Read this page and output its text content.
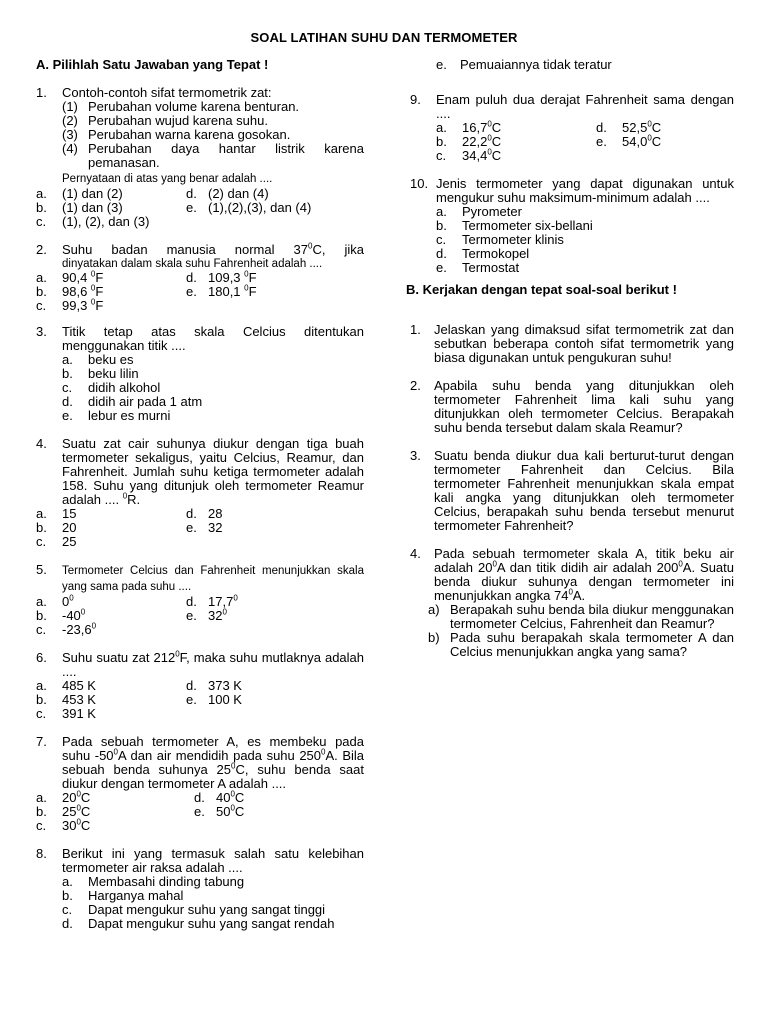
SOAL LATIHAN SUHU DAN TERMOMETER
A. Pilihlah Satu Jawaban yang Tepat !
1. Contoh-contoh sifat termometrik zat:
(1) Perubahan volume karena benturan.
(2) Perubahan wujud karena suhu.
(3) Perubahan warna karena gosokan.
(4) Perubahan daya hantar listrik karena pemanasan.
Pernyataan di atas yang benar adalah ....
a. (1) dan (2)	d. (2) dan (4)
b. (1) dan (3)	e. (1),(2),(3), dan (4)
c. (1), (2), dan (3)
2. Suhu badan manusia normal $37^0C$, jika
dinyatakan dalam skala suhu Fahrenheit adalah ....
a. 90,4 $^0$F	d. 109,3 $^0$F
b. 98,6 $^0$F	e. 180,1 $^0$F
c. 99,3 $^0$F
3. Titik tetap atas skala Celcius ditentukan menggunakan titik ....
a. beku es
b. beku lilin
c. didih alkohol
d. didih air pada 1 atm
e. lebur es murni
4. Suatu zat cair suhunya diukur dengan tiga buah termometer sekaligus, yaitu Celcius, Reamur, dan Fahrenheit. Jumlah suhu ketiga termometer adalah 158. Suhu yang ditunjuk oleh termometer Reamur adalah .... $^0$R.
a. 15	d. 28
b. 20	e. 32
c. 25
5. Termometer Celcius dan Fahrenheit menunjukkan skala yang sama pada suhu ....
a. $0^0$	d. 17,7$^0$
b. $-40^0$	e. $32^0$
c. -23,6$^0$
6. Suhu suatu zat $212^0F$, maka suhu mutlaknya adalah ....
a. 485 K	d. 373 K
b. 453 K	e. 100 K
c. 391 K
7. Pada sebuah termometer A, es membeku pada suhu $-50^0A$ dan air mendidih pada suhu $250^0A$. Bila sebuah benda suhunya $25^0C$, suhu benda saat diukur dengan termometer A adalah ....
a. $20^0C$	d. $40^0C$
b. $25^0C$	e. $50^0C$
c. $30^0C$
8. Berikut ini yang termasuk salah satu kelebihan termometer air raksa adalah ....
a. Membasahi dinding tabung
b. Harganya mahal
c. Dapat mengukur suhu yang sangat tinggi
d. Dapat mengukur suhu yang sangat rendah
e. Pemuaiannya tidak teratur
9. Enam puluh dua derajat Fahrenheit sama dengan ....
a. 16,7$^0$C	d. 52,5$^0$C
b. 22,2$^0$C	e. 54,0$^0$C
c. 34,4$^0$C
10. Jenis termometer yang dapat digunakan untuk mengukur suhu maksimum-minimum adalah ....
a. Pyrometer
b. Termometer six-bellani
c. Termometer klinis
d. Termokopel
e. Termostat
B. Kerjakan dengan tepat soal-soal berikut !
1. Jelaskan yang dimaksud sifat termometrik zat dan sebutkan beberapa contoh sifat termometrik yang biasa digunakan untuk pengukuran suhu!
2. Apabila suhu benda yang ditunjukkan oleh termometer Fahrenheit lima kali suhu yang ditunjukkan oleh termometer Celcius. Berapakah suhu benda tersebut dalam skala Reamur?
3. Suatu benda diukur dua kali berturut-turut dengan termometer Fahrenheit dan Celcius. Bila termometer Fahrenheit menunjukkan skala empat kali angka yang ditunjukkan oleh termometer Celcius, berapakah suhu benda tersebut menurut termometer Fahrenheit?
4. Pada sebuah termometer skala A, titik beku air adalah $20^0A$ dan titik didih air adalah $200^0A$. Suatu benda diukur suhunya dengan termometer ini menunjukkan angka $74^0A$.
a) Berapakah suhu benda bila diukur menggunakan termometer Celcius, Fahrenheit dan Reamur?
b) Pada suhu berapakah skala termometer A dan Celcius menunjukkan angka yang sama?
